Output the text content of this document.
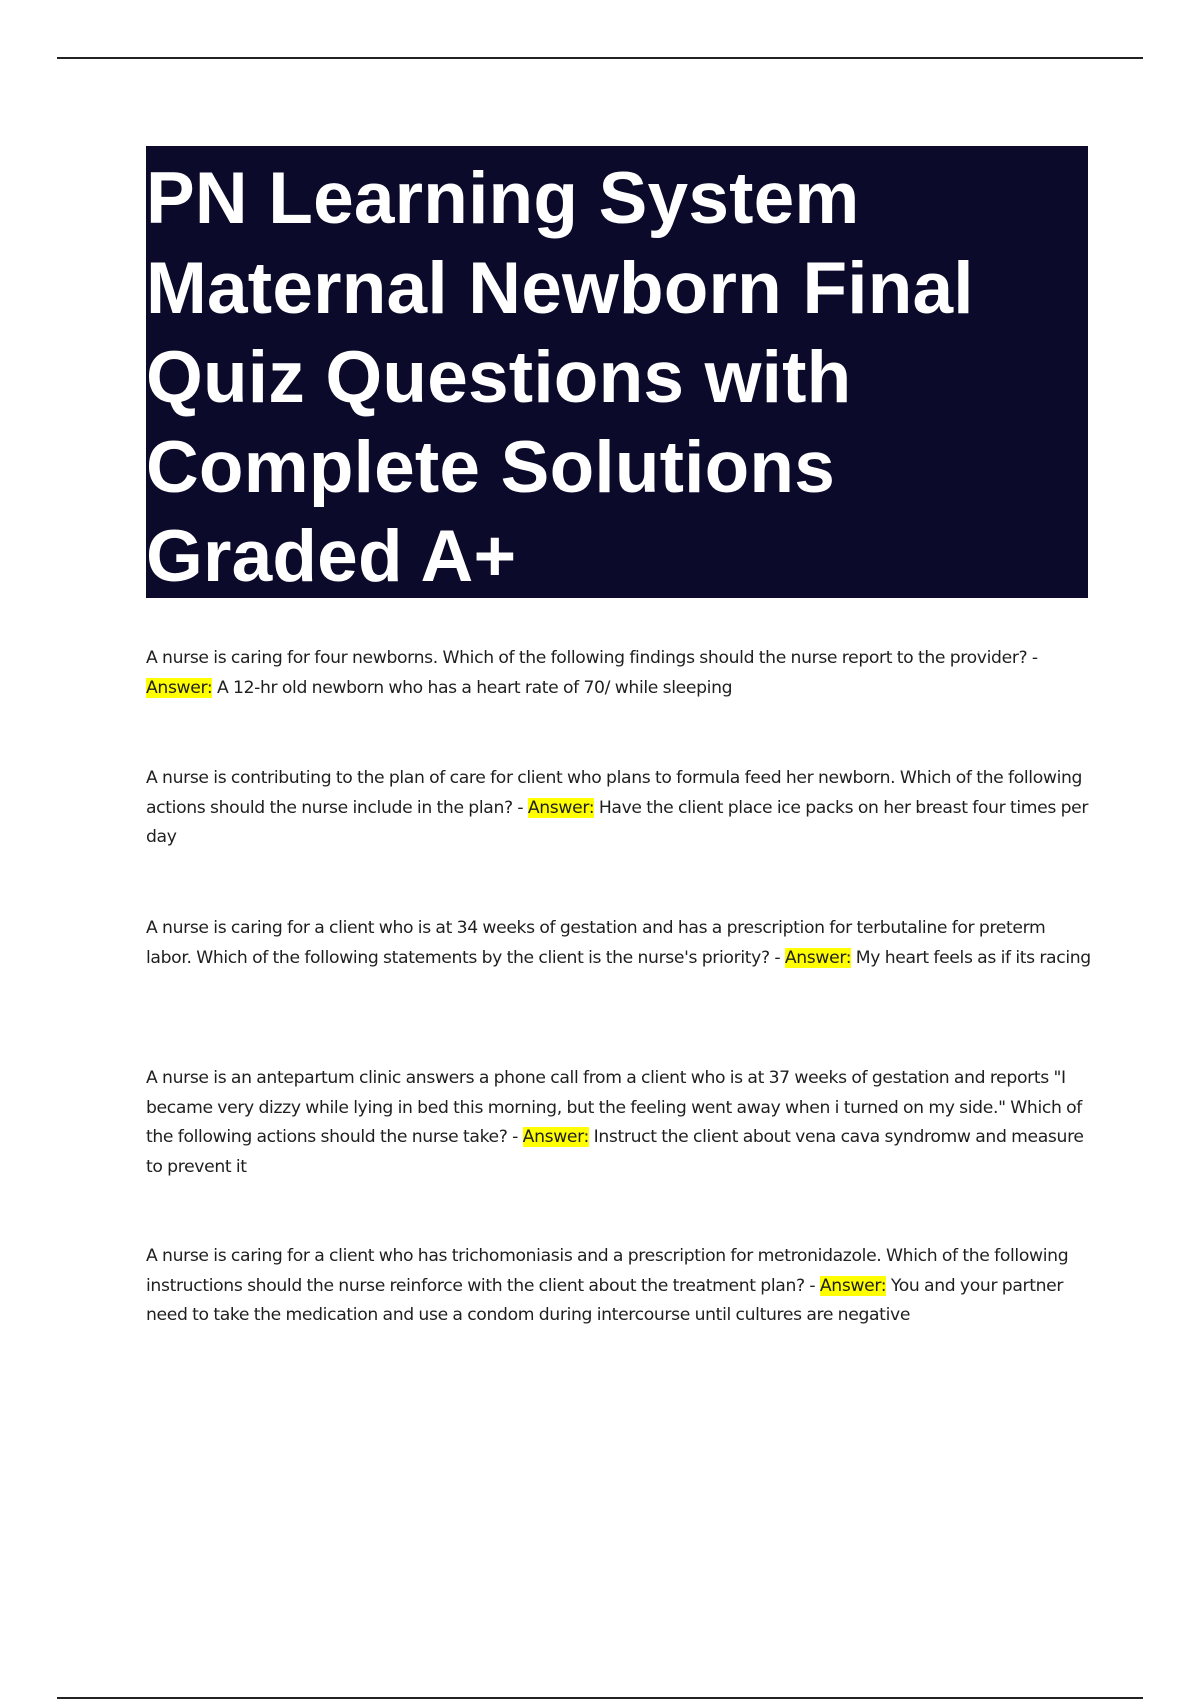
PN Learning System Maternal Newborn Final Quiz Questions with Complete Solutions Graded A+

A nurse is caring for four newborns. Which of the following findings should the nurse report to the provider? - Answer: A 12-hr old newborn who has a heart rate of 70/ while sleeping

A nurse is contributing to the plan of care for client who plans to formula feed her newborn. Which of the following actions should the nurse include in the plan? - Answer: Have the client place ice packs on her breast four times per day

A nurse is caring for a client who is at 34 weeks of gestation and has a prescription for terbutaline for preterm labor. Which of the following statements by the client is the nurse's priority? - Answer: My heart feels as if its racing

A nurse is an antepartum clinic answers a phone call from a client who is at 37 weeks of gestation and reports "I became very dizzy while lying in bed this morning, but the feeling went away when i turned on my side." Which of the following actions should the nurse take? - Answer: Instruct the client about vena cava syndromw and measure to prevent it

A nurse is caring for a client who has trichomoniasis and a prescription for metronidazole. Which of the following instructions should the nurse reinforce with the client about the treatment plan? - Answer: You and your partner need to take the medication and use a condom during intercourse until cultures are negative
